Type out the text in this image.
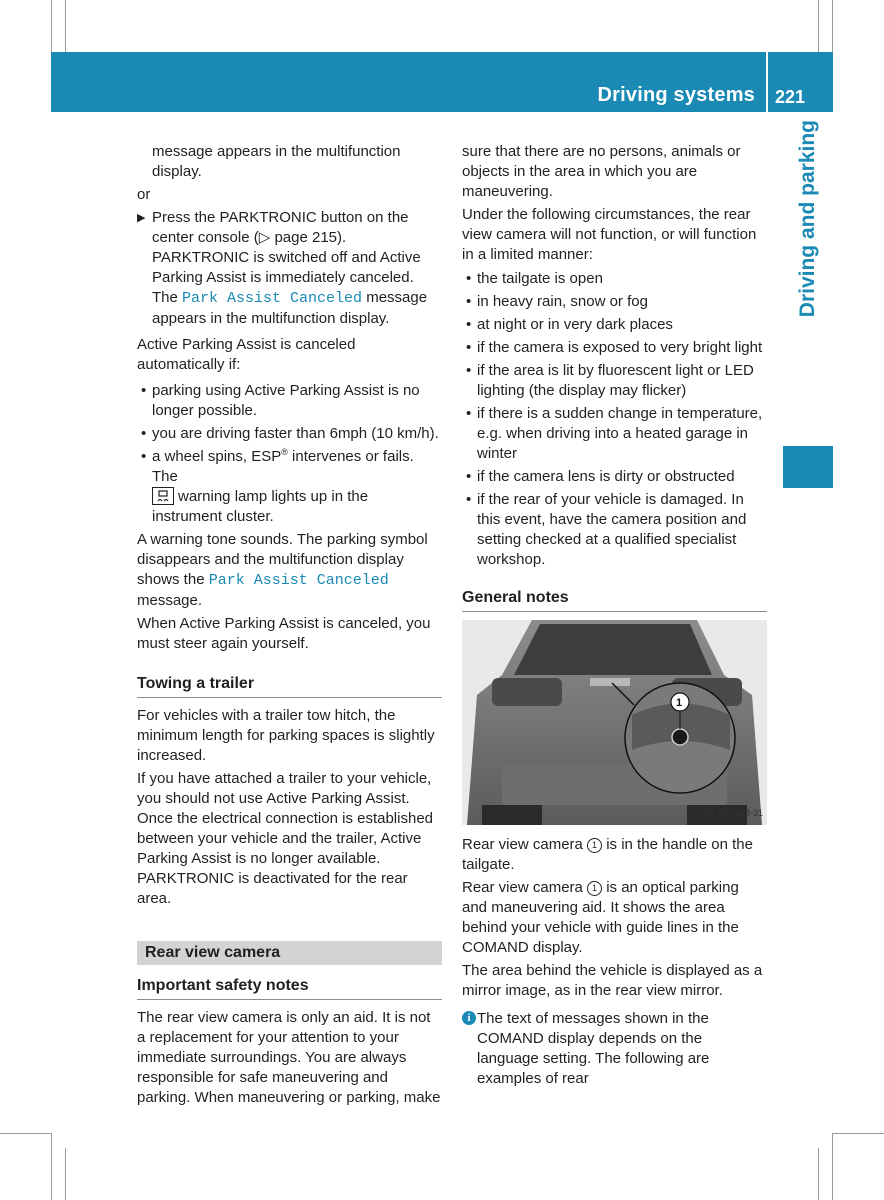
Driving systems 221
Driving and parking

message appears in the multifunction display.

or

▶ Press the PARKTRONIC button on the center console (▷ page 215). PARKTRONIC is switched off and Active Parking Assist is immediately canceled. The Park Assist Canceled message appears in the multifunction display.

Active Parking Assist is canceled automatically if:

• parking using Active Parking Assist is no longer possible.
• you are driving faster than 6mph (10 km/h).
• a wheel spins, ESP® intervenes or fails. The
warning lamp lights up in the instrument cluster.

A warning tone sounds. The parking symbol disappears and the multifunction display shows the Park Assist Canceled
message.

When Active Parking Assist is canceled, you must steer again yourself.

Towing a trailer

For vehicles with a trailer tow hitch, the minimum length for parking spaces is slightly increased.

If you have attached a trailer to your vehicle, you should not use Active Parking Assist. Once the electrical connection is established between your vehicle and the trailer, Active Parking Assist is no longer available. PARKTRONIC is deactivated for the rear area.

Rear view camera
Important safety notes

The rear view camera is only an aid. It is not a replacement for your attention to your immediate surroundings. You are always responsible for safe maneuvering and parking. When maneuvering or parking, make

sure that there are no persons, animals or objects in the area in which you are maneuvering.

Under the following circumstances, the rear view camera will not function, or will function in a limited manner:

• the tailgate is open
• in heavy rain, snow or fog
• at night or in very dark places
• if the camera is exposed to very bright light
• if the area is lit by fluorescent light or LED lighting (the display may flicker)
• if there is a sudden change in temperature, e.g. when driving into a heated garage in winter
• if the camera lens is dirty or obstructed
• if the rear of your vehicle is damaged. In this event, have the camera position and setting checked at a qualified specialist workshop.
General notes
1
P54.65-4448-31

Rear view camera 1 is in the handle on the tailgate.

Rear view camera 1 is an optical parking and maneuvering aid. It shows the area behind your vehicle with guide lines in the COMAND display.

The area behind the vehicle is displayed as a mirror image, as in the rear view mirror.

i The text of messages shown in the COMAND display depends on the language setting. The following are examples of rear
